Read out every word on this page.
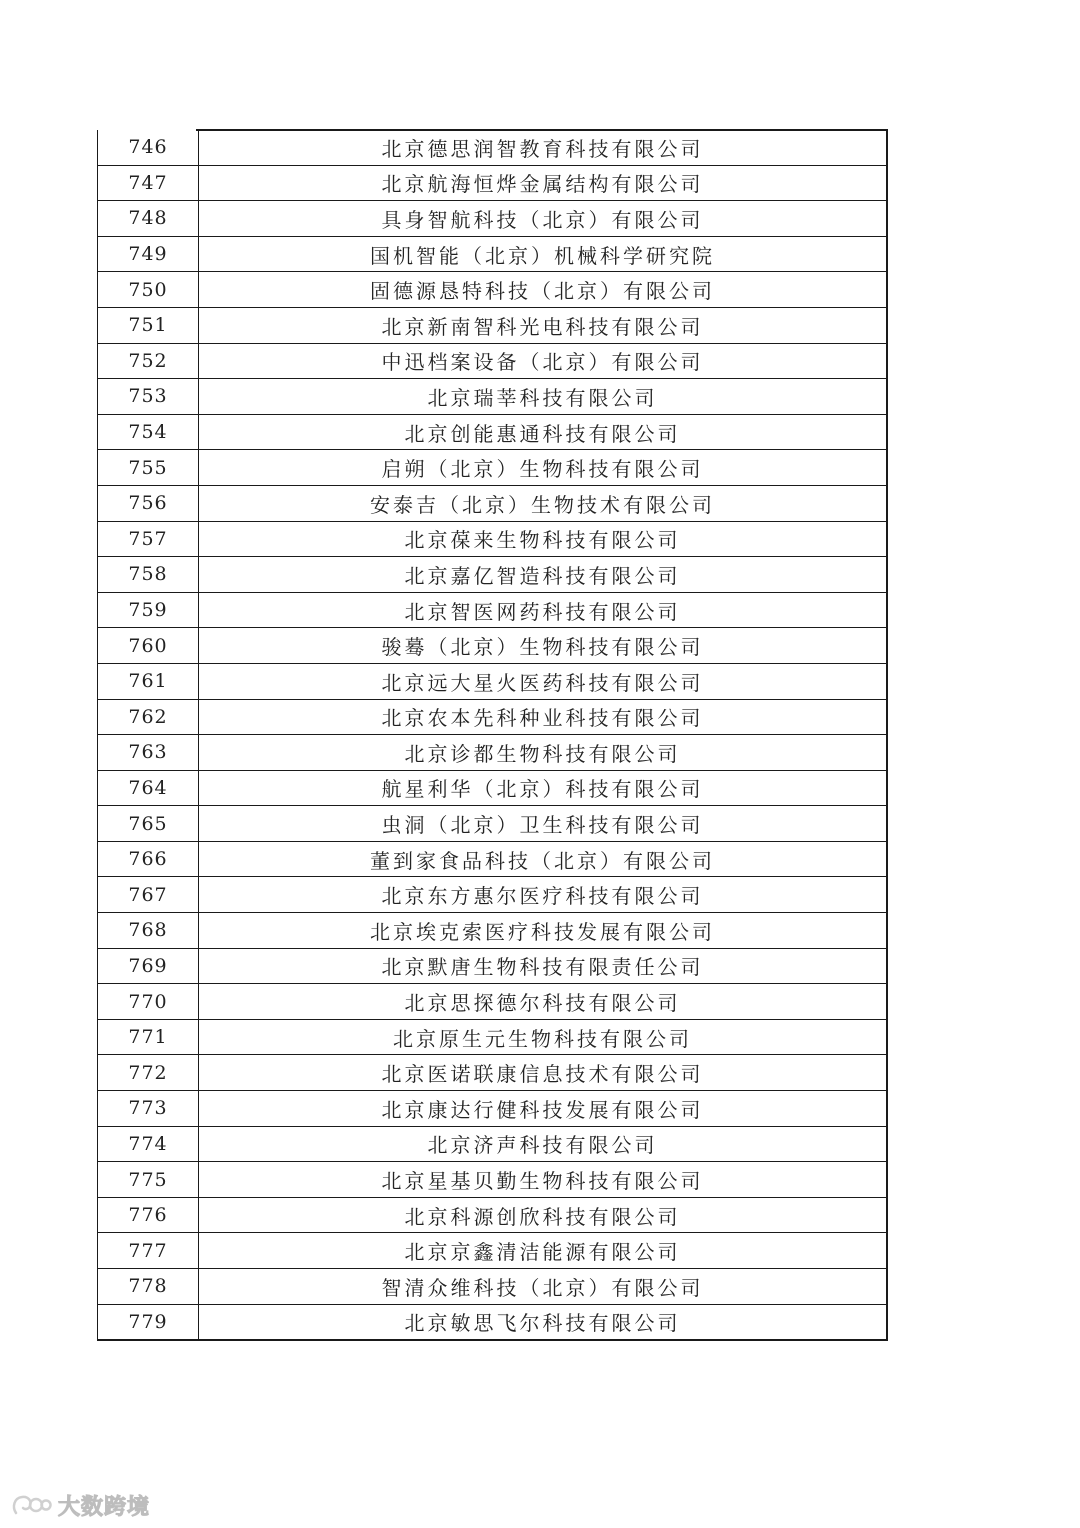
746	北京德思润智教育科技有限公司
747	北京航海恒烨金属结构有限公司
748	具身智航科技（北京）有限公司
749	国机智能（北京）机械科学研究院
750	固德源恳特科技（北京）有限公司
751	北京新南智科光电科技有限公司
752	中迅档案设备（北京）有限公司
753	北京瑞莘科技有限公司
754	北京创能惠通科技有限公司
755	启朔（北京）生物科技有限公司
756	安泰吉（北京）生物技术有限公司
757	北京葆来生物科技有限公司
758	北京嘉亿智造科技有限公司
759	北京智医网药科技有限公司
760	骏蓦（北京）生物科技有限公司
761	北京远大星火医药科技有限公司
762	北京农本先科种业科技有限公司
763	北京诊都生物科技有限公司
764	航星利华（北京）科技有限公司
765	虫洞（北京）卫生科技有限公司
766	董到家食品科技（北京）有限公司
767	北京东方惠尔医疗科技有限公司
768	北京埃克索医疗科技发展有限公司
769	北京默唐生物科技有限责任公司
770	北京思探德尔科技有限公司
771	北京原生元生物科技有限公司
772	北京医诺联康信息技术有限公司
773	北京康达行健科技发展有限公司
774	北京济声科技有限公司
775	北京星基贝勤生物科技有限公司
776	北京科源创欣科技有限公司
777	北京京鑫清洁能源有限公司
778	智清众维科技（北京）有限公司
779	北京敏思飞尔科技有限公司
大数跨境
